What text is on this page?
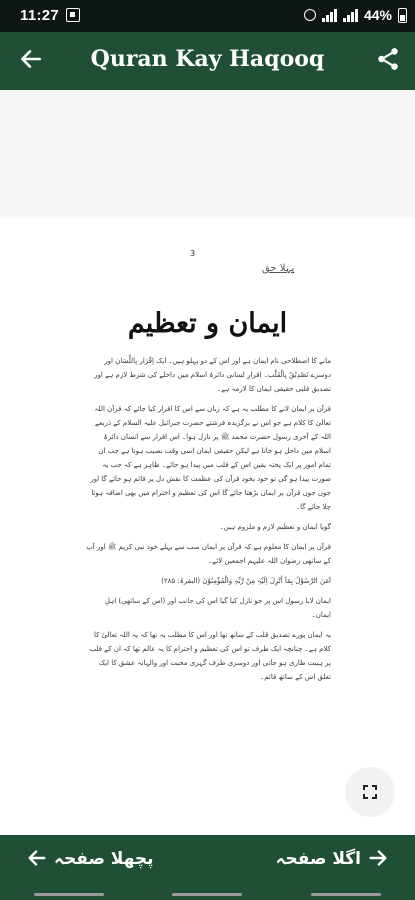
11:27	44%
Quran Kay Haqooq
3
پہلا حق
ایمان و تعظیم

مانے کا اصطلاحی نام ایمان ہے اور اس کے دو پہلو ہیں۔ ایک اِقْرَار بِاللِّسَان اور دوسرے تَصْدِیْقٌ بِالْقَلْب۔ اقرارِ لسانی دائرۂ اسلام میں داخلے کی شرط لازم ہے اور تصدیق قلبی حقیقی ایمان کا لازمہ ہے۔

قرآن پر ایمان لانے کا مطلب یہ ہے کہ زبان سے اس کا اقرار کیا جائے کہ قرآن اللہ تعالیٰ کا کلام ہے جو اس نے برگزیدہ فرشتے حضرت جبرائیل علیہ السلام کے ذریعے اللہ کے آخری رسول حضرت محمد ﷺ پر نازل ہوا۔ اس اقرار سے انسان دائرۂ اسلام میں داخل ہو جاتا ہے لیکن حقیقی ایمان اسی وقت نصیب ہوتا ہے جب ان تمام امور پر ایک پختہ یقین اس کے قلب میں پیدا ہو جائے۔ ظاہر ہے کہ جب یہ صورت پیدا ہو گی تو خود بخود قرآن کی عظمت کا نقش دل پر قائم ہو جائے گا اور جوں جوں قرآن پر ایمان بڑھتا جائے گا اس کی تعظیم و احترام میں بھی اضافہ ہوتا چلا جائے گا۔

گویا ایمان و تعظیم لازم و ملزوم ہیں۔

قرآن پر ایمان کا معلوم ہے کہ قرآن پر ایمان سب سے پہلے خود نبی کریم ﷺ اور آپ کے ساتھی رضوان اللہ علیہم اجمعین لائے۔

آمَنَ الرَّسُوْلُ بِمَآ اُنْزِلَ اِلَیْہِ مِنْ رَّبِّہٖ وَالْمُؤْمِنُوْنَ (البقرۃ: ۲۸۵)

ایمان لایا رسول اس پر جو نازل کیا گیا اس کی جانب اور (اس کے ساتھی) اہلِ ایمان۔

یہ ایمان پورے تصدیق قلب کے ساتھ تھا اور اس کا مطلب یہ تھا کہ یہ اللہ تعالیٰ کا کلام ہے۔ چنانچہ ایک طرف تو اس کی تعظیم و احترام کا یہ عالم تھا کہ ان کے قلب پر ہیبت طاری ہو جاتی اور دوسری طرف گہری محبت اور والہانہ عشق کا ایک تعلق اس کے ساتھ قائم۔

پچھلا صفحہ	اگلا صفحہ
